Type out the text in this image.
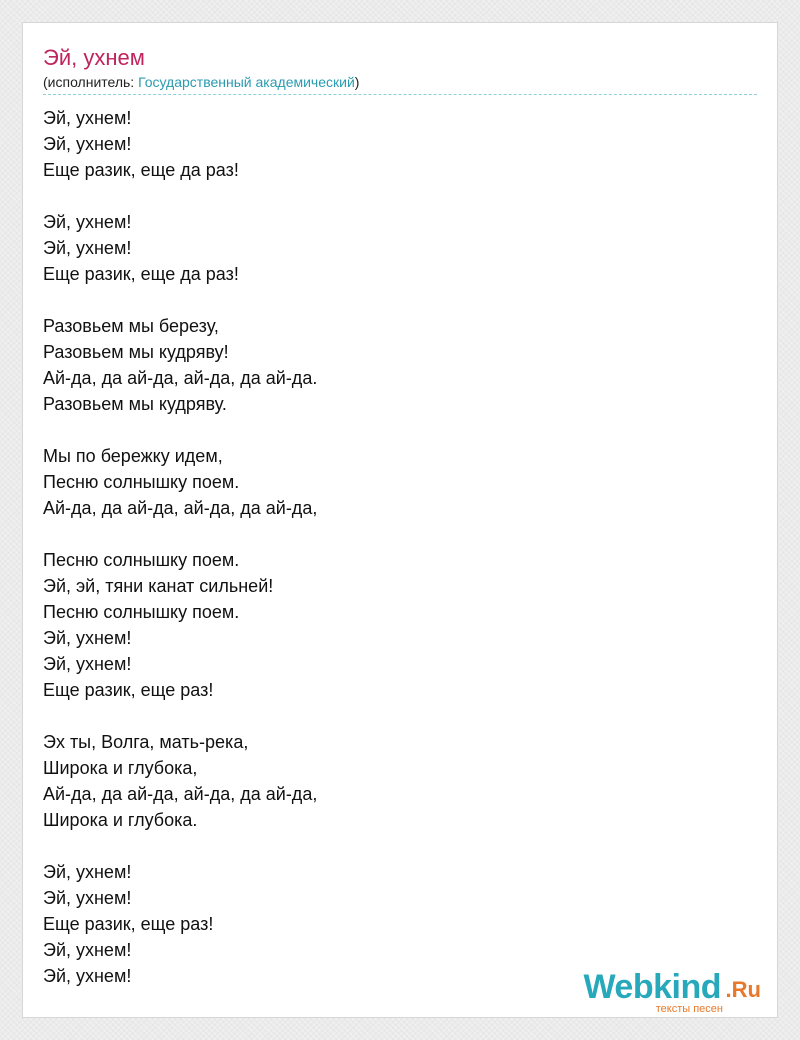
Эй, ухнем
(исполнитель: Государственный академический)
Эй, ухнем!
Эй, ухнем!
Еще разик, еще да раз!
Эй, ухнем!
Эй, ухнем!
Еще разик, еще да раз!
Разовьем мы березу,
Разовьем мы кудряву!
Ай-да, да ай-да, ай-да, да ай-да.
Разовьем мы кудряву.
Мы по бережку идем,
Песню солнышку поем.
Ай-да, да ай-да, ай-да, да ай-да,
Песню солнышку поем.
Эй, эй, тяни канат сильней!
Песню солнышку поем.
Эй, ухнем!
Эй, ухнем!
Еще разик, еще раз!
Эх ты, Волга, мать-река,
Широка и глубока,
Ай-да, да ай-да, ай-да, да ай-да,
Широка и глубока.
Эй, ухнем!
Эй, ухнем!
Еще разик, еще раз!
Эй, ухнем!
Эй, ухнем!	Webkind .Ru
тексты песен
